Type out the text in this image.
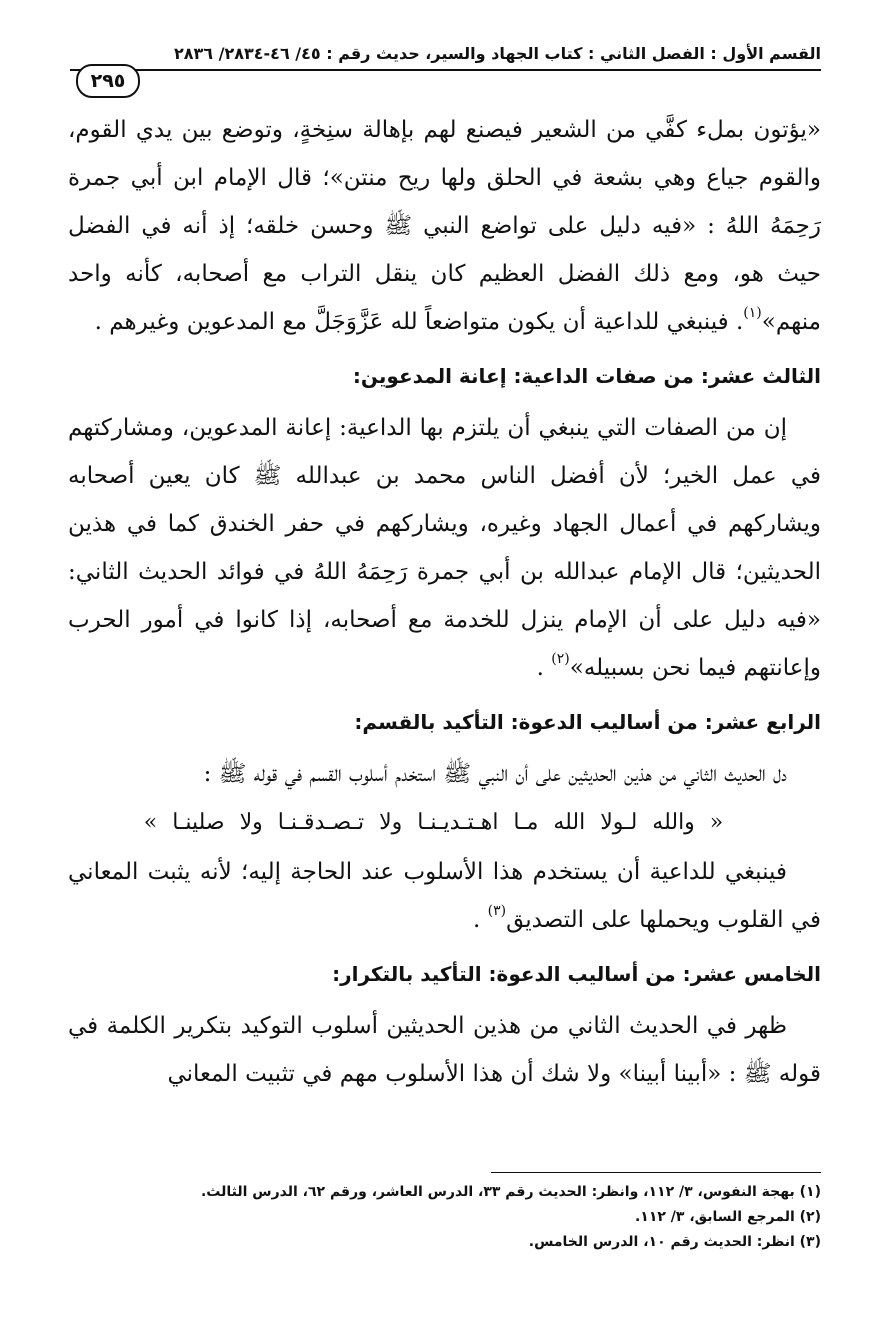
القسم الأول : الفصل الثاني : كتاب الجهاد والسير، حديث رقم : ٤٥/ ٤٦-٢٨٣٤/ ٢٨٣٦
٢٩٥

«يؤتون بملء كفَّي من الشعير فيصنع لهم بإهالة سنِخةٍ، وتوضع بين يدي القوم، والقوم جياع وهي بشعة في الحلق ولها ريح منتن»؛ قال الإمام ابن أبي جمرة رَحِمَهُ اللهُ : «فيه دليل على تواضع النبي ﷺ وحسن خلقه؛ إذ أنه في الفضل حيث هو، ومع ذلك الفضل العظيم كان ينقل التراب مع أصحابه، كأنه واحد منهم»$^{(١)}$. فينبغي للداعية أن يكون متواضعاً لله عَزَّوَجَلَّ مع المدعوين وغيرهم .

الثالث عشر: من صفات الداعية: إعانة المدعوين:

إن من الصفات التي ينبغي أن يلتزم بها الداعية: إعانة المدعوين، ومشاركتهم في عمل الخير؛ لأن أفضل الناس محمد بن عبدالله ﷺ كان يعين أصحابه ويشاركهم في أعمال الجهاد وغيره، ويشاركهم في حفر الخندق كما في هذين الحديثين؛ قال الإمام عبدالله بن أبي جمرة رَحِمَهُ اللهُ في فوائد الحديث الثاني: «فيه دليل على أن الإمام ينزل للخدمة مع أصحابه، إذا كانوا في أمور الحرب وإعانتهم فيما نحن بسبيله»$^{(٢)}$ .

الرابع عشر: من أساليب الدعوة: التأكيد بالقسم:

دل الحديث الثاني من هذين الحديثين على أن النبي ﷺ استخدم أسلوب القسم في قوله ﷺ :

« والله لـولا الله مـا اهـتـديـنـا ولا تـصـدقـنـا ولا صلينـا »

فينبغي للداعية أن يستخدم هذا الأسلوب عند الحاجة إليه؛ لأنه يثبت المعاني في القلوب ويحملها على التصديق$^{(٣)}$ .

الخامس عشر: من أساليب الدعوة: التأكيد بالتكرار:

ظهر في الحديث الثاني من هذين الحديثين أسلوب التوكيد بتكرير الكلمة في قوله ﷺ : «أبينا أبينا» ولا شك أن هذا الأسلوب مهم في تثبيت المعاني

(١) بهجة النفوس، ٣/ ١١٢، وانظر: الحديث رقم ٣٣، الدرس العاشر، ورقم ٦٢، الدرس الثالث.

(٢) المرجع السابق، ٣/ ١١٢.

(٣) انظر: الحديث رقم ١٠، الدرس الخامس.
